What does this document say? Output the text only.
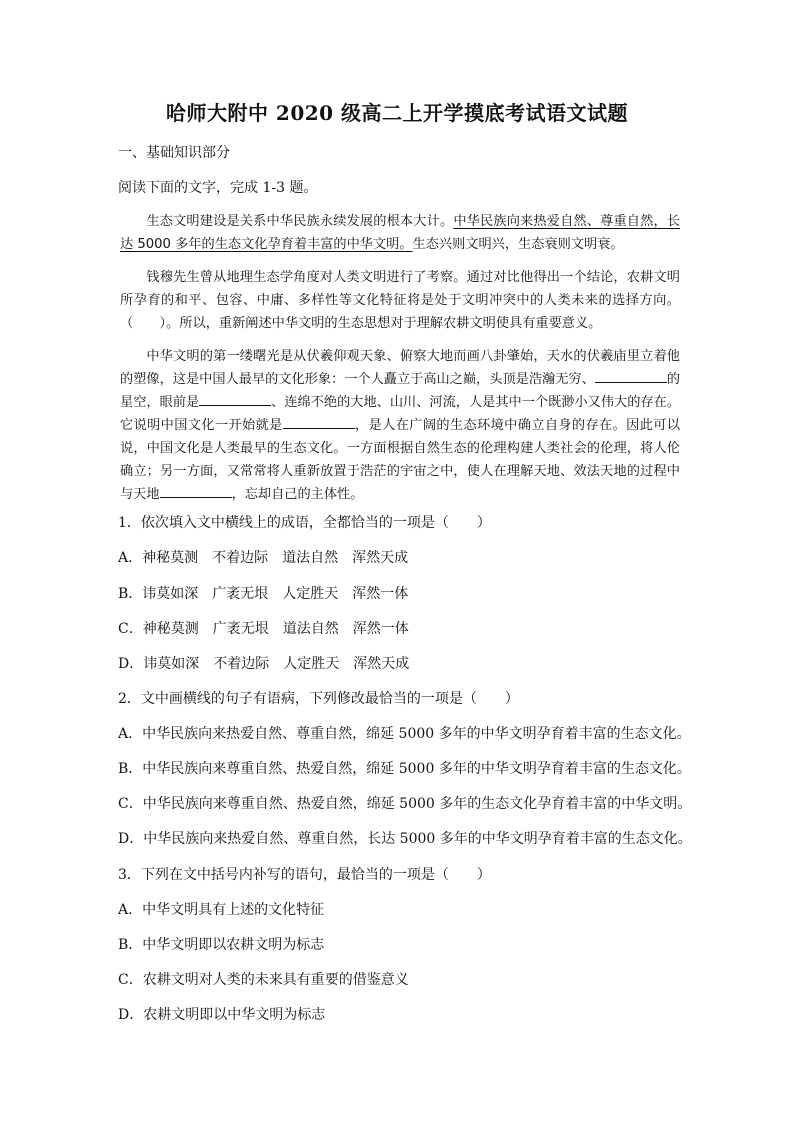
哈师大附中 2020 级高二上开学摸底考试语文试题
一、基础知识部分
阅读下面的文字，完成 1-3 题。

生态文明建设是关系中华民族永续发展的根本大计。中华民族向来热爱自然、尊重自然，长达 5000 多年的生态文化孕育着丰富的中华文明。生态兴则文明兴，生态衰则文明衰。

钱穆先生曾从地理生态学角度对人类文明进行了考察。通过对比他得出一个结论，农耕文明所孕育的和平、包容、中庸、多样性等文化特征将是处于文明冲突中的人类未来的选择方向。（　　）。所以，重新阐述中华文明的生态思想对于理解农耕文明使具有重要意义。

中华文明的第一缕曙光是从伏羲仰观天象、俯察大地而画八卦肇始，天水的伏羲庙里立着他的塑像，这是中国人最早的文化形象：一个人矗立于高山之巅，头顶是浩瀚无穷、	的星空，眼前是	、连绵不绝的大地、山川、河流，人是其中一个既渺小又伟大的存在。它说明中国文化一开始就是	，是人在广阔的生态环境中确立自身的存在。因此可以说，中国文化是人类最早的生态文化。一方面根据自然生态的伦理构建人类社会的伦理，将人伦确立；另一方面，又常常将人重新放置于浩茫的宇宙之中，使人在理解天地、效法天地的过程中与天地	，忘却自己的主体性。

1．依次填入文中横线上的成语，全都恰当的一项是（　　）
A．神秘莫测 不着边际 道法自然 浑然天成
B．讳莫如深 广袤无垠 人定胜天 浑然一体
C．神秘莫测 广袤无垠 道法自然 浑然一体
D．讳莫如深 不着边际 人定胜天 浑然天成
2．文中画横线的句子有语病，下列修改最恰当的一项是（　　）
A．中华民族向来热爱自然、尊重自然，绵延 5000 多年的中华文明孕育着丰富的生态文化。
B．中华民族向来尊重自然、热爱自然，绵延 5000 多年的中华文明孕育着丰富的生态文化。
C．中华民族向来尊重自然、热爱自然，绵延 5000 多年的生态文化孕育着丰富的中华文明。
D．中华民族向来热爱自然、尊重自然，长达 5000 多年的中华文明孕育着丰富的生态文化。
3．下列在文中括号内补写的语句，最恰当的一项是（　　）
A．中华文明具有上述的文化特征
B．中华文明即以农耕文明为标志
C．农耕文明对人类的未来具有重要的借鉴意义
D．农耕文明即以中华文明为标志
